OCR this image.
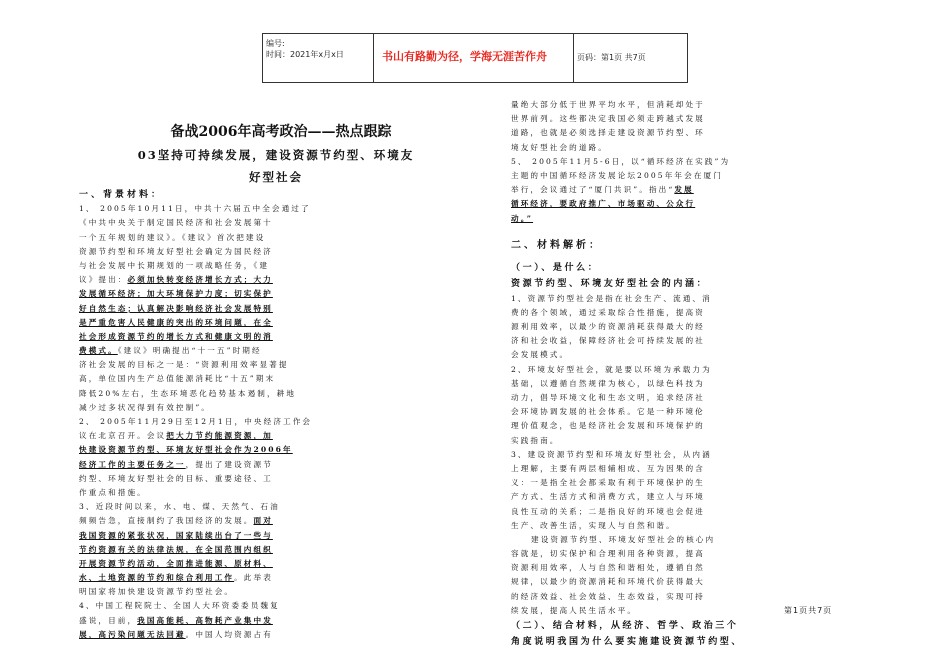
编号:
时间：2021年x月x日	书山有路勤为径，学海无涯苦作舟	页码：第1页 共7页
备战2006年高考政治——热点跟踪
03坚持可持续发展，建设资源节约型、环境友
好型社会
一、背景材料：
1、 2005年10月11日，中共十六届五中全会通过了
《中共中央关于制定国民经济和社会发展第十
一个五年规划的建议》。《建议》首次把建设
资源节约型和环境友好型社会确定为国民经济
与社会发展中长期规划的一项战略任务，《建
议》提出：必须加快转变经济增长方式；大力
发展循环经济；加大环境保护力度；切实保护
好自然生态；认真解决影响经济社会发展特别
是严重危害人民健康的突出的环境问题，在全
社会形成资源节约的增长方式和健康文明的消
费模式。《建议》明确提出“十一五”时期经
济社会发展的目标之一是：“资源利用效率显著提
高，单位国内生产总值能源消耗比“十五”期末
降低20%左右，生态环境恶化趋势基本遏制，耕地
减少过多状况得到有效控制”。
2、 2005年11月29日至12月1日，中央经济工作会
议在北京召开。会议把大力节约能源资源，加
快建设资源节约型、环境友好型社会作为2006年
经济工作的主要任务之一，提出了建设资源节
约型、环境友好型社会的目标、重要途径、工
作重点和措施。
3、近段时间以来，水、电、煤、天然气、石油
频频告急，直接制约了我国经济的发展。面对
我国资源的紧张状况，国家陆续出台了一些与
节约资源有关的法律法规，在全国范围内组织
开展资源节约活动，全面推进能源、原材料、
水、土地资源的节约和综合利用工作。此举表
明国家将加快建设资源节约型社会。
4、中国工程院院士、全国人大环资委委员魏复
盛说，目前，我国高能耗、高物耗产业集中发
展，高污染问题无法回避。中国人均资源占有
量绝大部分低于世界平均水平，但消耗却处于
世界前列。这些都决定我国必须走跨越式发展
道路，也就是必须选择走建设资源节约型、环
境友好型社会的道路。
5、 2005年11月5-6日，以“循环经济在实践”为
主题的中国循环经济发展论坛2005年年会在厦门
举行，会议通过了“厦门共识”。指出“发展
循环经济，要政府推广、市场驱动、公众行
动。”
二、材料解析：
（一）、是什么：
资源节约型、环境友好型社会的内涵：
1、资源节约型社会是指在社会生产、流通、消
费的各个领域，通过采取综合性措施，提高资
源利用效率，以最少的资源消耗获得最大的经
济和社会收益，保障经济社会可持续发展的社
会发展模式。
2、环境友好型社会，就是要以环境为承载力为
基础，以遵循自然规律为核心，以绿色科技为
动力，倡导环境文化和生态文明，追求经济社
会环境协调发展的社会体系。它是一种环境伦
理价值观念，也是经济社会发展和环境保护的
实践指南。
3、建设资源节约型和环境友好型社会，从内涵
上理解，主要有两层相辅相成、互为因果的含
义：一是指全社会都采取有利于环境保护的生
产方式、生活方式和消费方式，建立人与环境
良性互动的关系；二是指良好的环境也会促进
生产、改善生活，实现人与自然和谐。
建设资源节约型、环境友好型社会的核心内
容就是，切实保护和合理利用各种资源，提高
资源利用效率，人与自然和谐相处，遵循自然
规律，以最少的资源消耗和环境代价获得最大
的经济效益、社会效益、生态效益，实现可持
续发展，提高人民生活水平。
（二）、结合材料，从经济、哲学、政治三个
角度说明我国为什么要实施建设资源节约型、
第1页共7页
